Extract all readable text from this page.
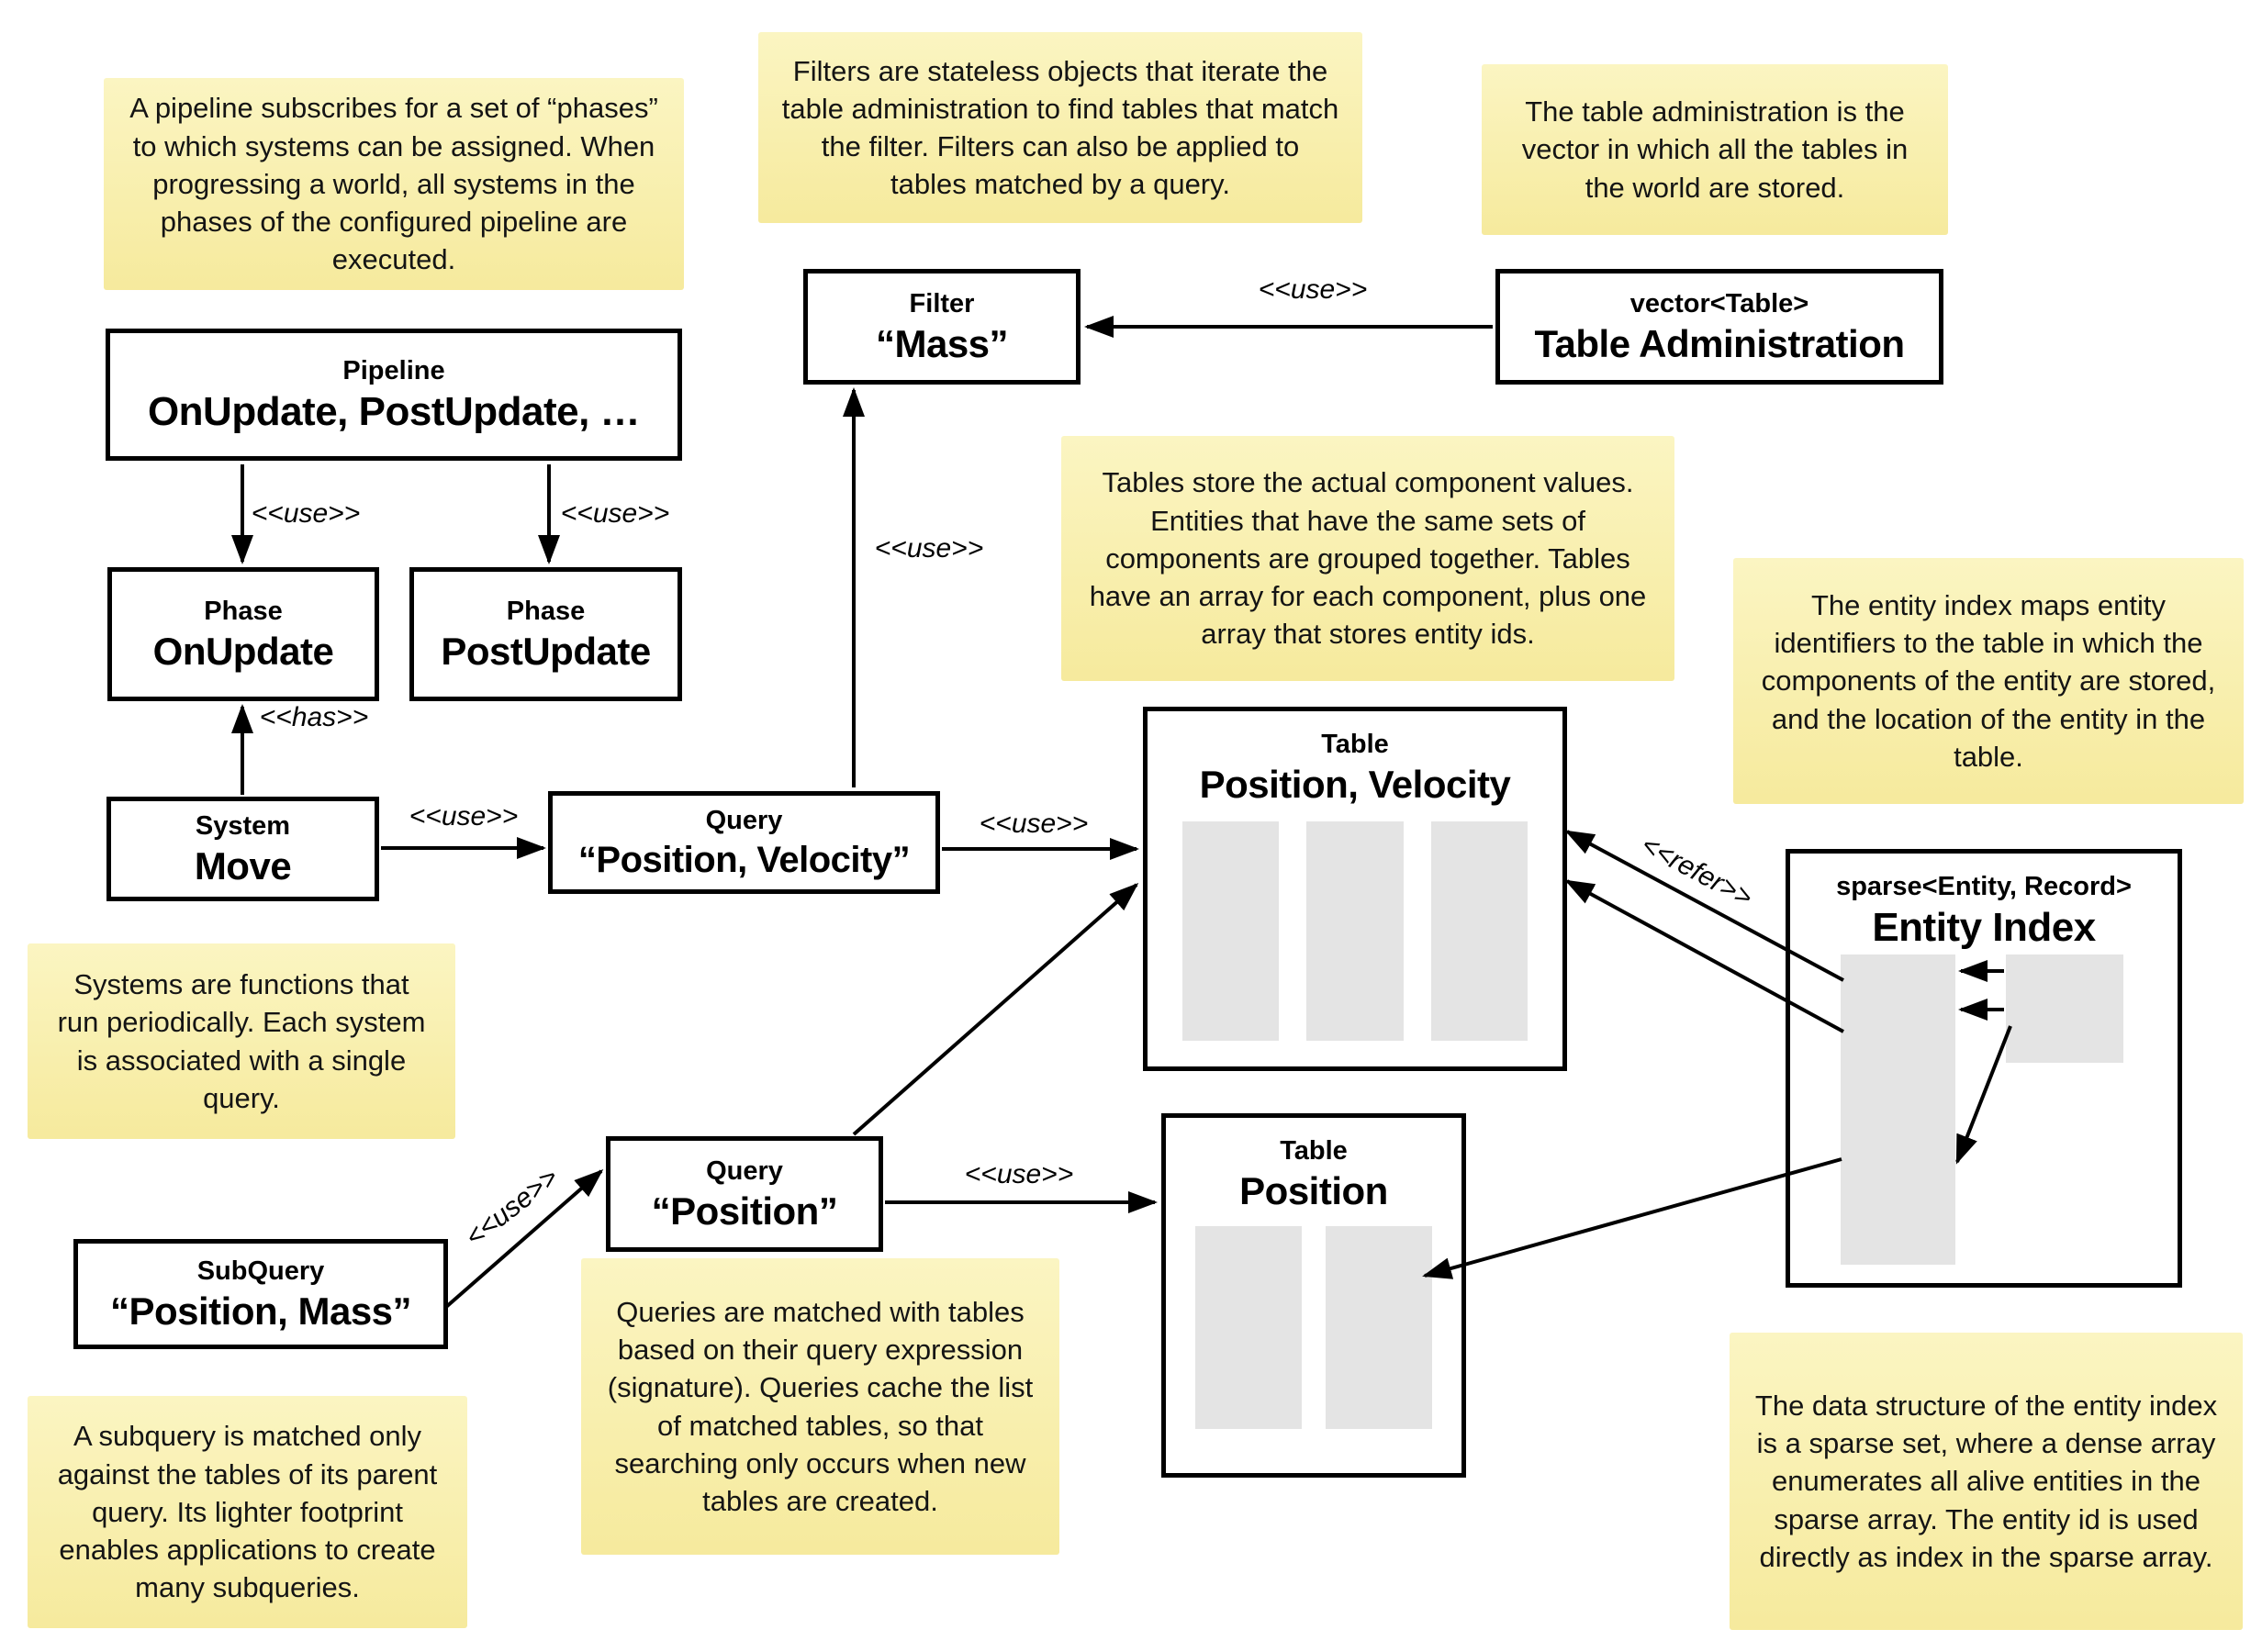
A pipeline subscribes for a set of “phases” to which systems can be assigned. When progressing a world, all systems in the phases of the configured pipeline are executed.
Filters are stateless objects that iterate the table administration to find tables that match the filter. Filters can also be applied to tables matched by a query.
The table administration is the vector in which all the tables in the world are stored.
Tables store the actual component values. Entities that have the same sets of components are grouped together. Tables have an array for each component, plus one array that stores entity ids.
The entity index maps entity identifiers to the table in which the components of the entity are stored, and the location of the entity in the table.
Systems are functions that run periodically. Each system is associated with a single query.
Queries are matched with tables based on their query expression (signature). Queries cache the list of matched tables, so that searching only occurs when new tables are created.
A subquery is matched only against the tables of its parent query. Its lighter footprint enables applications to create many subqueries.
The data structure of the entity index is a sparse set, where a dense array enumerates all alive entities in the sparse array. The entity id is used directly as index in the sparse array.
Pipeline
OnUpdate, PostUpdate, …
Phase
OnUpdate
Phase
PostUpdate
System
Move
Query
“Position, Velocity”
Filter
“Mass”
vector<Table>
Table Administration
Table
Position, Velocity
Table
Position
sparse<Entity, Record>
Entity Index
Query
“Position”
SubQuery
“Position, Mass”
<<use>>	<<use>>
<<has>>
<<use>>
<<use>>
<<use>>
<<use>>
<<use>>
<<use>>
<<refer>>
